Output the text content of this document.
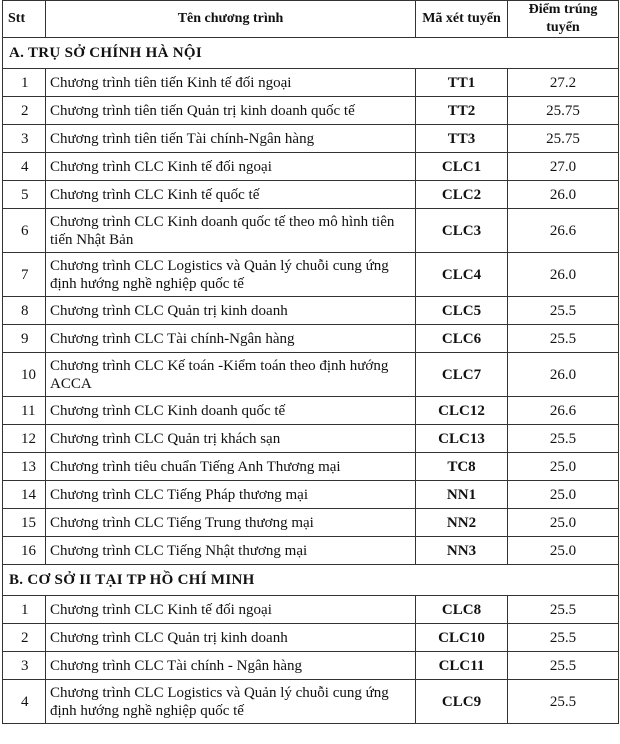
Stt	Tên chương trình	Mã xét tuyển	Điểm trúng tuyển
A. TRỤ SỞ CHÍNH HÀ NỘI			
1	Chương trình tiên tiến Kinh tế đối ngoại	TT1	27.2
2	Chương trình tiên tiến Quản trị kinh doanh quốc tế	TT2	25.75
3	Chương trình tiên tiến Tài chính-Ngân hàng	TT3	25.75
4	Chương trình CLC Kinh tế đối ngoại	CLC1	27.0
5	Chương trình CLC Kinh tế quốc tế	CLC2	26.0
6	Chương trình CLC Kinh doanh quốc tế theo mô hình tiên tiến Nhật Bản	CLC3	26.6
7	Chương trình CLC Logistics và Quản lý chuỗi cung ứng định hướng nghề nghiệp quốc tế	CLC4	26.0
8	Chương trình CLC Quản trị kinh doanh	CLC5	25.5
9	Chương trình CLC Tài chính-Ngân hàng	CLC6	25.5
10	Chương trình CLC Kế toán -Kiểm toán theo định hướng ACCA	CLC7	26.0
11	Chương trình CLC Kinh doanh quốc tế	CLC12	26.6
12	Chương trình CLC Quản trị khách sạn	CLC13	25.5
13	Chương trình tiêu chuẩn Tiếng Anh Thương mại	TC8	25.0
14	Chương trình CLC Tiếng Pháp thương mại	NN1	25.0
15	Chương trình CLC Tiếng Trung thương mại	NN2	25.0
16	Chương trình CLC Tiếng Nhật thương mại	NN3	25.0
B. CƠ SỞ II TẠI TP HỒ CHÍ MINH			
1	Chương trình CLC Kinh tế đối ngoại	CLC8	25.5
2	Chương trình CLC Quản trị kinh doanh	CLC10	25.5
3	Chương trình CLC Tài chính - Ngân hàng	CLC11	25.5
4	Chương trình CLC Logistics và Quản lý chuỗi cung ứng định hướng nghề nghiệp quốc tế	CLC9	25.5
